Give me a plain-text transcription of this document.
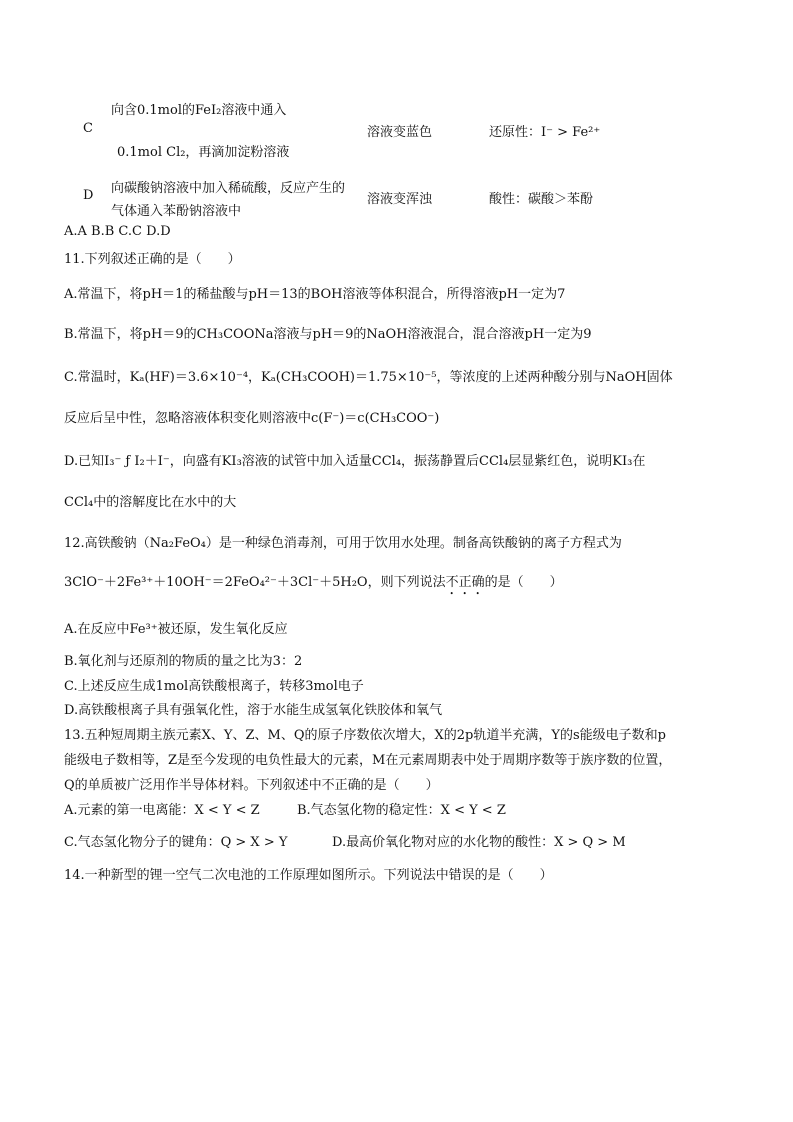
C
向含0.1mol的FeI₂溶液中通入
0.1mol Cl₂，再滴加淀粉溶液
溶液变蓝色	还原性：I⁻ > Fe²⁺
D 向碳酸钠溶液中加入稀硫酸，反应产生的
气体通入苯酚钠溶液中
溶液变浑浊	酸性：碳酸＞苯酚
A.A B.B C.C D.D
11.下列叙述正确的是（　　）
A.常温下，将pH＝1的稀盐酸与pH＝13的BOH溶液等体积混合，所得溶液pH一定为7
B.常温下，将pH＝9的CH₃COONa溶液与pH＝9的NaOH溶液混合，混合溶液pH一定为9
C.常温时，Kₐ(HF)＝3.6×10⁻⁴，Kₐ(CH₃COOH)＝1.75×10⁻⁵，等浓度的上述两种酸分别与NaOH固体
反应后呈中性，忽略溶液体积变化则溶液中c(F⁻)＝c(CH₃COO⁻)
D.已知I₃⁻ ƒ I₂＋I⁻，向盛有KI₃溶液的试管中加入适量CCl₄，振荡静置后CCl₄层显紫红色，说明KI₃在
CCl₄中的溶解度比在水中的大
12.高铁酸钠（Na₂FeO₄）是一种绿色消毒剂，可用于饮用水处理。制备高铁酸钠的离子方程式为
3ClO⁻＋2Fe³⁺＋10OH⁻＝2FeO₄²⁻＋3Cl⁻＋5H₂O，则下列说法不正确的是（　　）
A.在反应中Fe³⁺被还原，发生氧化反应
B.氧化剂与还原剂的物质的量之比为3：2
C.上述反应生成1mol高铁酸根离子，转移3mol电子
D.高铁酸根离子具有强氧化性，溶于水能生成氢氧化铁胶体和氧气
13.五种短周期主族元素X、Y、Z、M、Q的原子序数依次增大，X的2p轨道半充满，Y的s能级电子数和p
能级电子数相等，Z是至今发现的电负性最大的元素，M在元素周期表中处于周期序数等于族序数的位置，
Q的单质被广泛用作半导体材料。下列叙述中不正确的是（　　）
A.元素的第一电离能：X < Y < Z	B.气态氢化物的稳定性：X < Y < Z
C.气态氢化物分子的键角：Q > X > Y	D.最高价氧化物对应的水化物的酸性：X > Q > M
14.一种新型的锂一空气二次电池的工作原理如图所示。下列说法中错误的是（　　）
